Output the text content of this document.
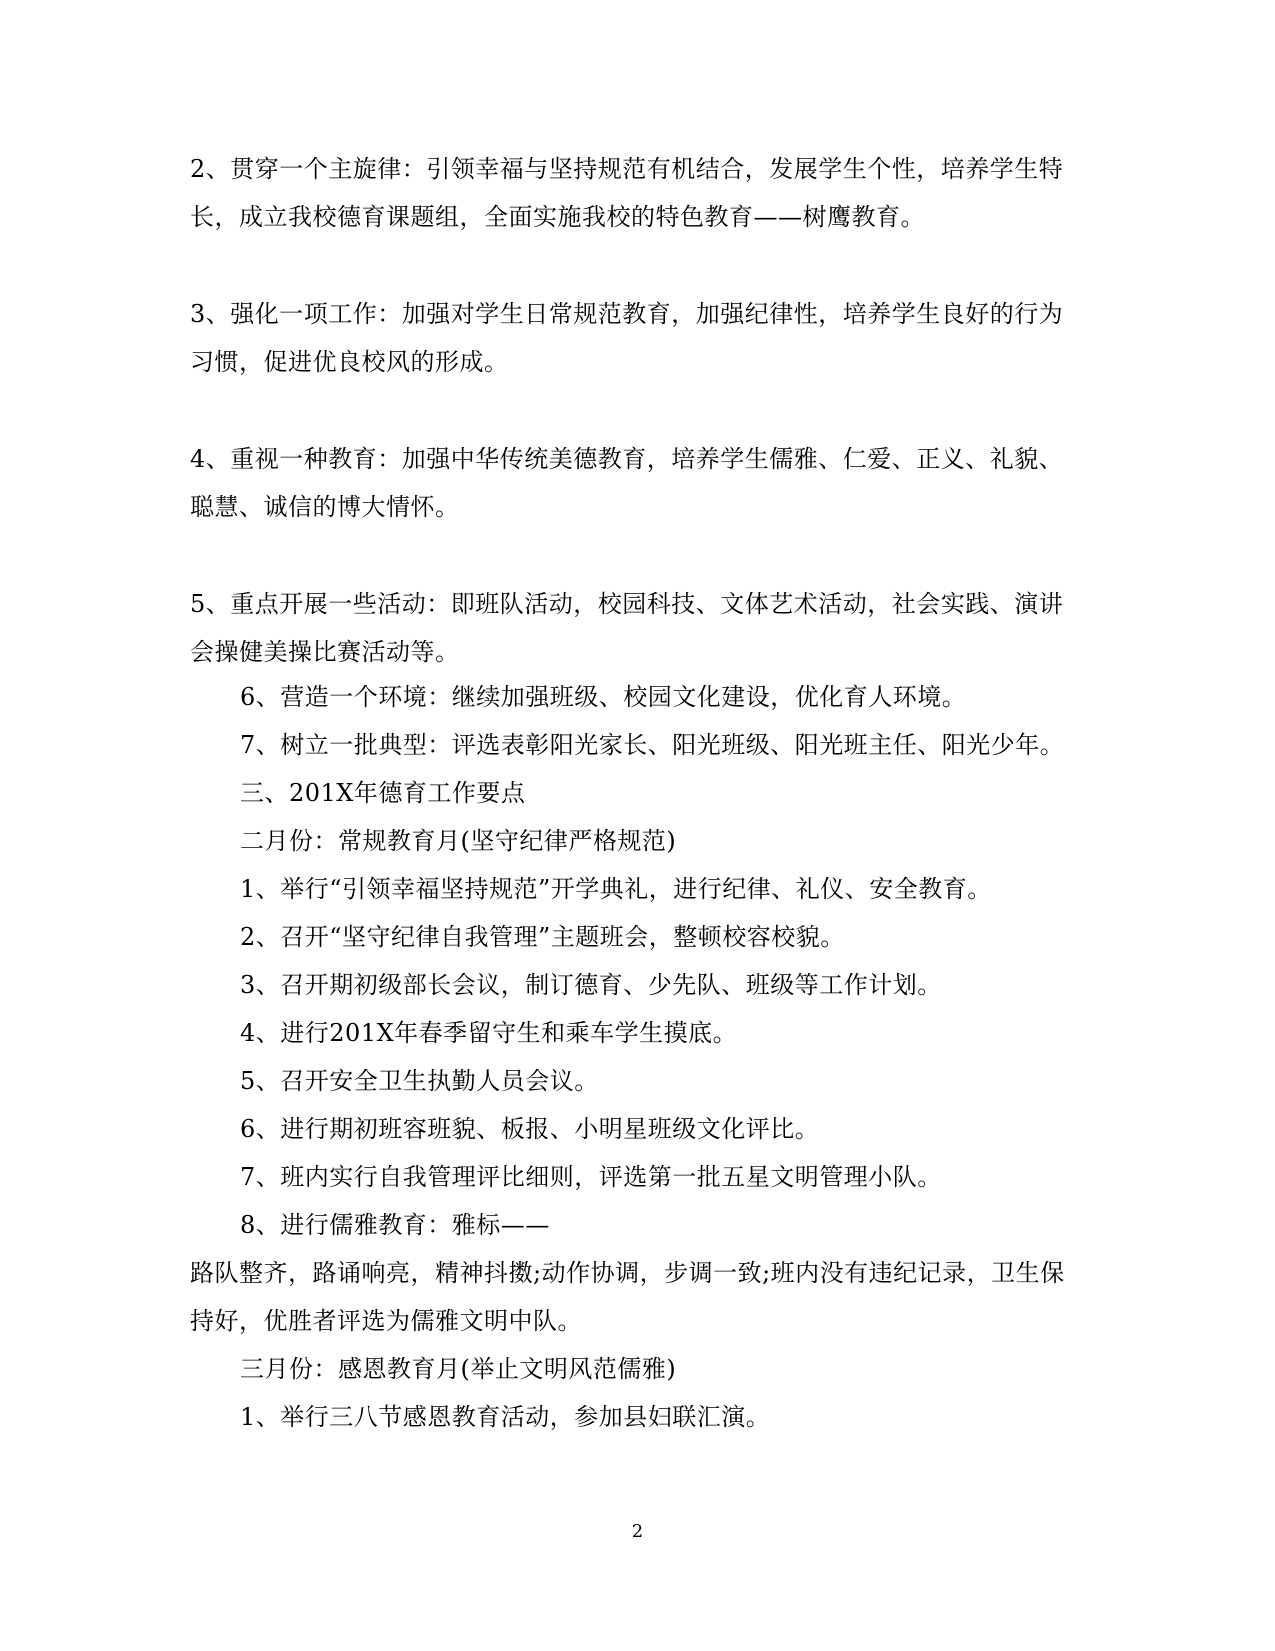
2、贯穿一个主旋律：引领幸福与坚持规范有机结合，发展学生个性，培养学生特长，成立我校德育课题组，全面实施我校的特色教育——树鹰教育。

3、强化一项工作：加强对学生日常规范教育，加强纪律性，培养学生良好的行为习惯，促进优良校风的形成。

4、重视一种教育：加强中华传统美德教育，培养学生儒雅、仁爱、正义、礼貌、聪慧、诚信的博大情怀。

5、重点开展一些活动：即班队活动，校园科技、文体艺术活动，社会实践、演讲会操健美操比赛活动等。

6、营造一个环境：继续加强班级、校园文化建设，优化育人环境。

7、树立一批典型：评选表彰阳光家长、阳光班级、阳光班主任、阳光少年。

三、201X年德育工作要点

二月份：常规教育月(坚守纪律严格规范)

1、举行“引领幸福坚持规范”开学典礼，进行纪律、礼仪、安全教育。

2、召开“坚守纪律自我管理”主题班会，整顿校容校貌。

3、召开期初级部长会议，制订德育、少先队、班级等工作计划。

4、进行201X年春季留守生和乘车学生摸底。

5、召开安全卫生执勤人员会议。

6、进行期初班容班貌、板报、小明星班级文化评比。

7、班内实行自我管理评比细则，评选第一批五星文明管理小队。

8、进行儒雅教育：雅标——

路队整齐，路诵响亮，精神抖擞;动作协调，步调一致;班内没有违纪记录，卫生保持好，优胜者评选为儒雅文明中队。

三月份：感恩教育月(举止文明风范儒雅)

1、举行三八节感恩教育活动，参加县妇联汇演。

2
